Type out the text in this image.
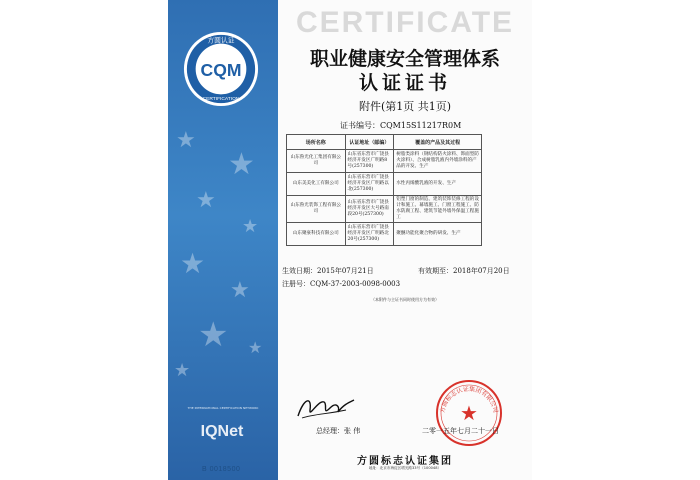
★
★
★
★
★
★
★ ★
★
方圆认证
CQM
CERTIFICATION
THE INTERNATIONAL CERTIFICATION NETWORK
IQNet
B 0018500
CERTIFICATE
职业健康安全管理体系
认证证书
附件(第1页 共1页)
证书编号：CQM15S11217R0M
场所名称	认证地址（邮编）	覆盖的产品及其过程
山东鲁光化工集团有限公司	山东省东营市广饶县经济开发区广明路8号(257300)	树脂类涂料（钢结构防火涂料、饰面型防火涂料）、合成树脂乳液内外墙涂料的产品的开发、生产
山东美美化工有限公司	山东省东营市广饶县经济开发区广明路以北(257300)	水性丙烯酸乳液的开发、生产
山东鲁光装饰工程有限公司	山东省东营市广饶县经济开发区大号路南段20号(257300)	铝塑门窗的制造、建筑装饰装修工程的设计和施工、幕墙施工、门窗工程施工、防水防腐工程、建筑节能外墙外保温工程施工
山东聚豪科技有限公司	山东省东营市广饶县经济开发区广明路北20号(257300)	聚醚功能化聚合物的研发、生产
生效日期：2015年07月21日	有效期至：2018年07月20日
注册号：CQM-37-2003-0098-0003
（本附件与主证书同时使用方为有效）
★
方圆标志认证集团有限公司
总经理：张 伟	二零一五年七月二十一日
方圆标志认证集团
地址：北京市海淀区增光路33号（100048）
